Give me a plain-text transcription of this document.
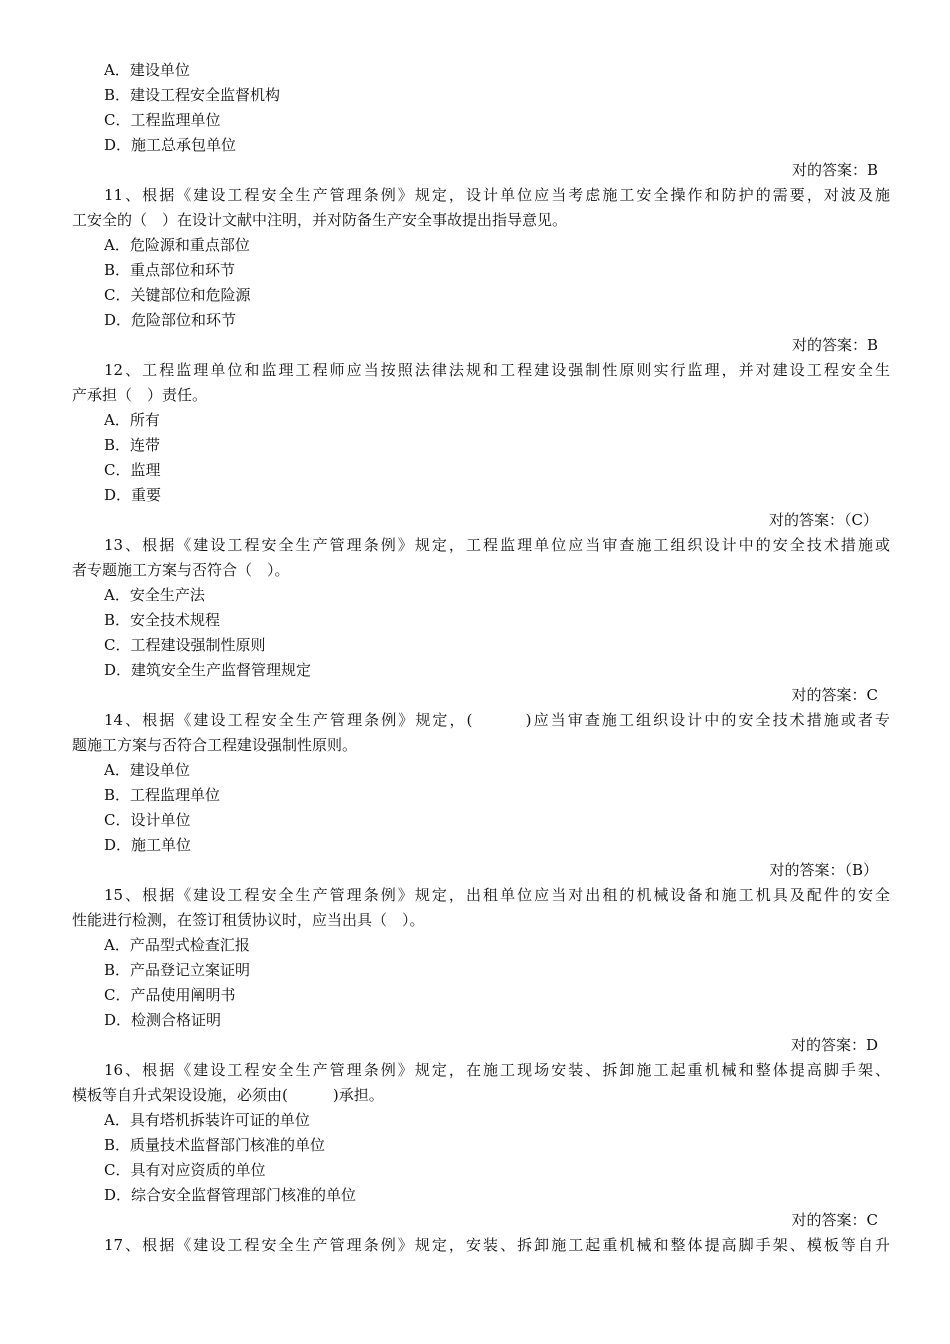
A．建设单位
B．建设工程安全监督机构
C．工程监理单位
D．施工总承包单位
对的答案：B
11、根据《建设工程安全生产管理条例》规定，设计单位应当考虑施工安全操作和防护的需要，对波及施
工安全的（　）在设计文献中注明，并对防备生产安全事故提出指导意见。
A．危险源和重点部位
B．重点部位和环节
C．关键部位和危险源
D．危险部位和环节
对的答案：B
12、工程监理单位和监理工程师应当按照法律法规和工程建设强制性原则实行监理，并对建设工程安全生
产承担（　）责任。
A．所有
B．连带
C．监理
D．重要
对的答案：（C）
13、根据《建设工程安全生产管理条例》规定，工程监理单位应当审查施工组织设计中的安全技术措施或
者专题施工方案与否符合（　）。
A．安全生产法
B．安全技术规程
C．工程建设强制性原则
D．建筑安全生产监督管理规定
对的答案：C
14、根据《建设工程安全生产管理条例》规定，(　　　)应当审查施工组织设计中的安全技术措施或者专
题施工方案与否符合工程建设强制性原则。
A．建设单位
B．工程监理单位
C．设计单位
D．施工单位
对的答案：（B）
15、根据《建设工程安全生产管理条例》规定，出租单位应当对出租的机械设备和施工机具及配件的安全
性能进行检测，在签订租赁协议时，应当出具（　）。
A．产品型式检查汇报
B．产品登记立案证明
C．产品使用阐明书
D．检测合格证明
对的答案：D
16、根据《建设工程安全生产管理条例》规定，在施工现场安装、拆卸施工起重机械和整体提高脚手架、
模板等自升式架设设施，必须由(　　　)承担。
A．具有塔机拆装许可证的单位
B．质量技术监督部门核准的单位
C．具有对应资质的单位
D．综合安全监督管理部门核准的单位
对的答案：C
17、根据《建设工程安全生产管理条例》规定，安装、拆卸施工起重机械和整体提高脚手架、模板等自升
